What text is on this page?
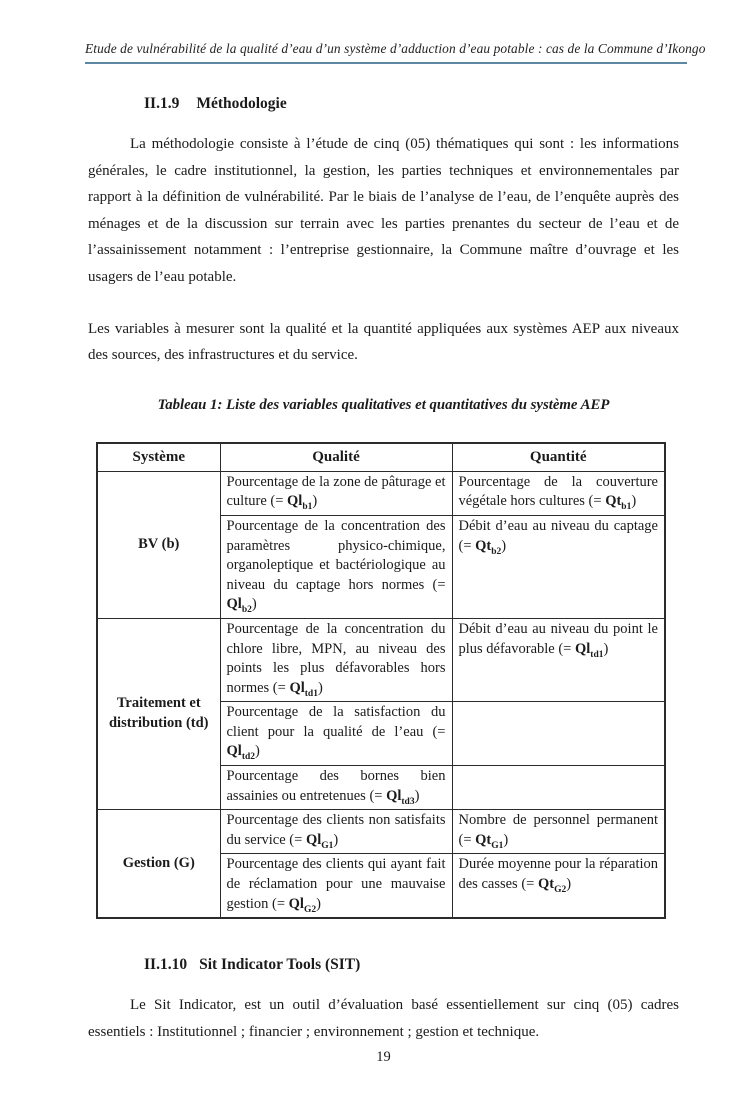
Etude de vulnérabilité de la qualité d’eau d’un système d’adduction d’eau potable : cas de la Commune d’Ikongo
II.1.9 Méthodologie

La méthodologie consiste à l’étude de cinq (05) thématiques qui sont : les informations générales, le cadre institutionnel, la gestion, les parties techniques et environnementales par rapport à la définition de vulnérabilité. Par le biais de l’analyse de l’eau, de l’enquête auprès des ménages et de la discussion sur terrain avec les parties prenantes du secteur de l’eau et de l’assainissement notamment : l’entreprise gestionnaire, la Commune maître d’ouvrage et les usagers de l’eau potable.

Les variables à mesurer sont la qualité et la quantité appliquées aux systèmes AEP aux niveaux des sources, des infrastructures et du service.

Tableau 1: Liste des variables qualitatives et quantitatives du système AEP
Système	Qualité	Quantité
BV (b)	Pourcentage de la zone de pâturage et culture (= $Ql_{b1}$)	Pourcentage de la couverture végétale hors cultures (= $Qt_{b1}$)
	Pourcentage de la concentration des paramètres physico-chimique, organoleptique et bactériologique au niveau du captage hors normes (= $Ql_{b2}$)	Débit d’eau au niveau du captage (= $Qt_{b2}$)
Traitement et distribution (td)	Pourcentage de la concentration du chlore libre, MPN, au niveau des points les plus défavorables hors normes (= $Ql_{td1}$)	Débit d’eau au niveau du point le plus défavorable (= $Ql_{td1}$)
	Pourcentage de la satisfaction du client pour la qualité de l’eau (= $Ql_{td2}$)	
	Pourcentage des bornes bien assainies ou entretenues (= $Ql_{td3}$)	
Gestion (G)	Pourcentage des clients non satisfaits du service (= $Ql_{G1}$)	Nombre de personnel permanent (= $Qt_{G1}$)
	Pourcentage des clients qui ayant fait de réclamation pour une mauvaise gestion (= $Ql_{G2}$)	Durée moyenne pour la réparation des casses (= $Qt_{G2}$)
II.1.10 Sit Indicator Tools (SIT)

Le Sit Indicator, est un outil d’évaluation basé essentiellement sur cinq (05) cadres essentiels : Institutionnel ; financier ; environnement ; gestion et technique.

19
